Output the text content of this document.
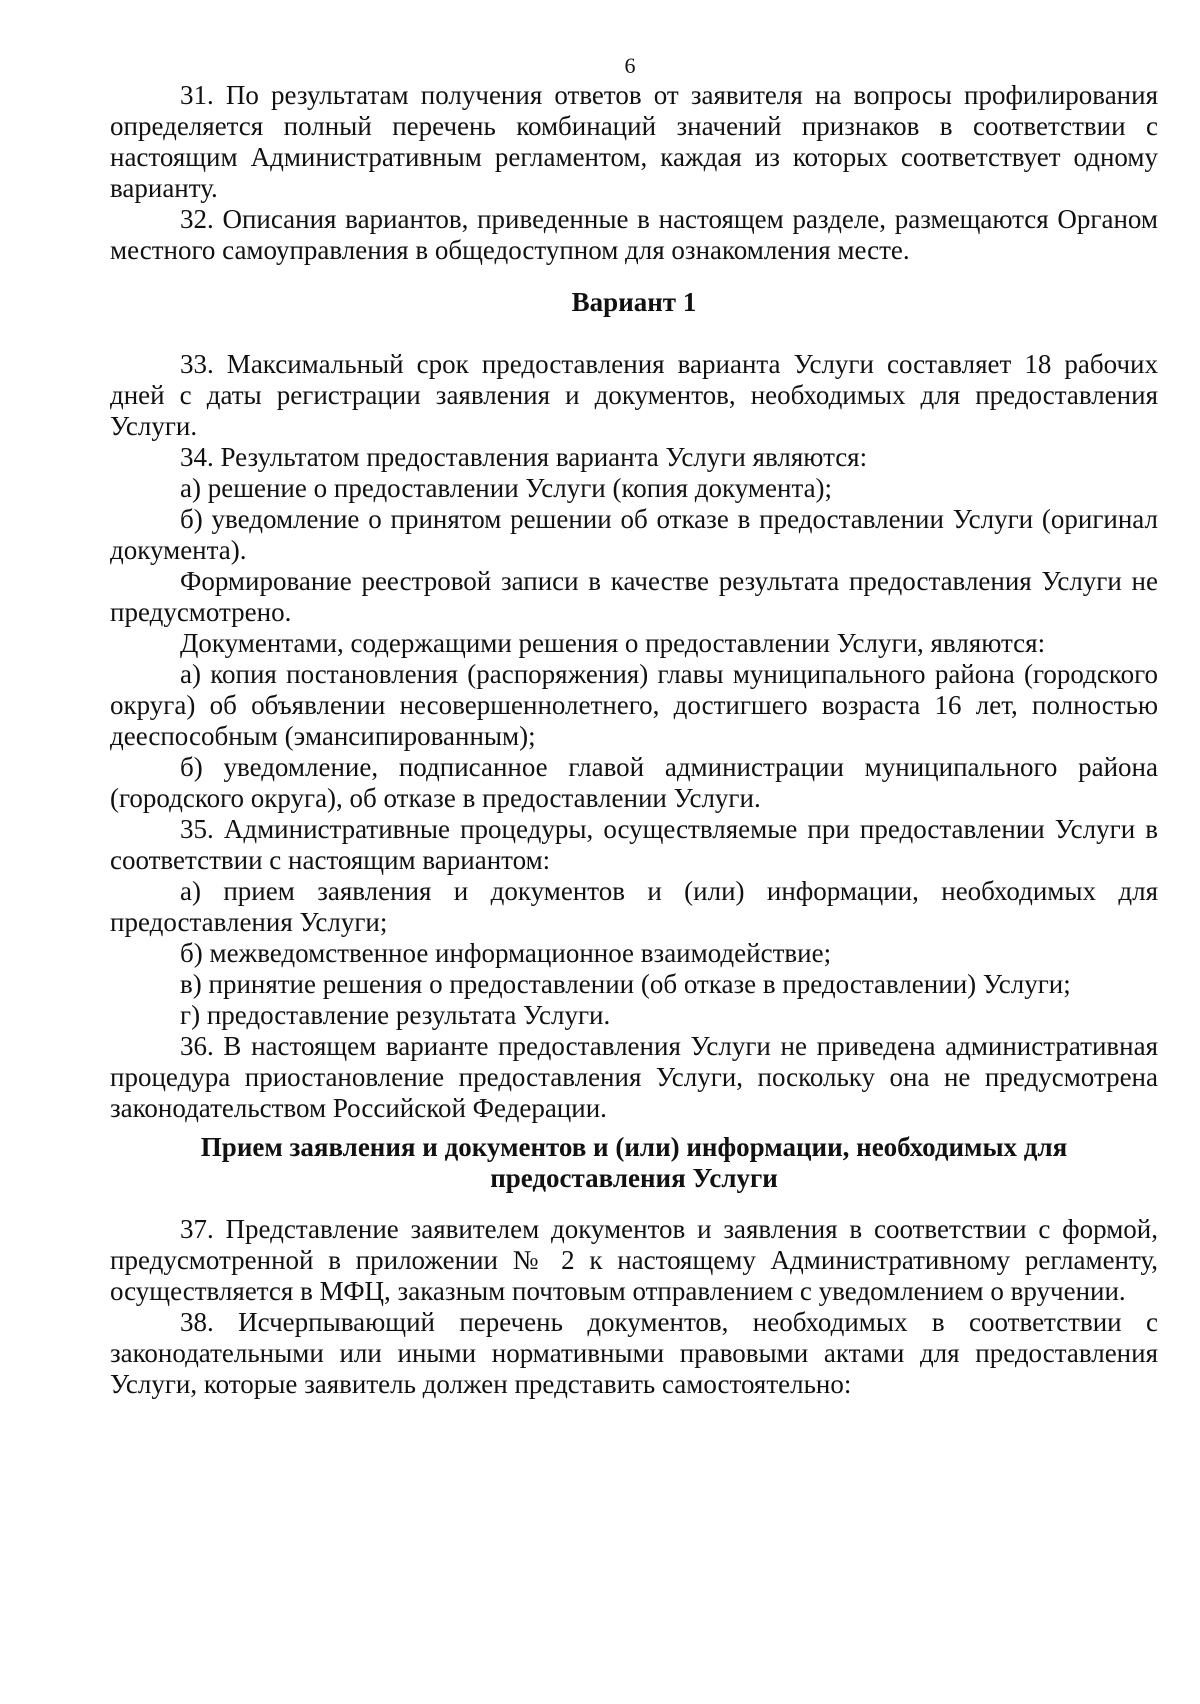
6

31. По результатам получения ответов от заявителя на вопросы профилирования определяется полный перечень комбинаций значений признаков в соответствии с настоящим Административным регламентом, каждая из которых соответствует одному варианту.

32. Описания вариантов, приведенные в настоящем разделе, размещаются Органом местного самоуправления в общедоступном для ознакомления месте.

Вариант 1

33. Максимальный срок предоставления варианта Услуги составляет 18 рабочих дней с даты регистрации заявления и документов, необходимых для предоставления Услуги.

34. Результатом предоставления варианта Услуги являются:

а) решение о предоставлении Услуги (копия документа);

б) уведомление о принятом решении об отказе в предоставлении Услуги (оригинал документа).

Формирование реестровой записи в качестве результата предоставления Услуги не предусмотрено.

Документами, содержащими решения о предоставлении Услуги, являются:

а) копия постановления (распоряжения) главы муниципального района (городского округа) об объявлении несовершеннолетнего, достигшего возраста 16 лет, полностью дееспособным (эмансипированным);

б) уведомление, подписанное главой администрации муниципального района (городского округа), об отказе в предоставлении Услуги.

35. Административные процедуры, осуществляемые при предоставлении Услуги в соответствии с настоящим вариантом:

а) прием заявления и документов и (или) информации, необходимых для предоставления Услуги;

б) межведомственное информационное взаимодействие;

в) принятие решения о предоставлении (об отказе в предоставлении) Услуги;

г) предоставление результата Услуги.

36. В настоящем варианте предоставления Услуги не приведена административная процедура приостановление предоставления Услуги, поскольку она не предусмотрена законодательством Российской Федерации.

Прием заявления и документов и (или) информации, необходимых для

предоставления Услуги

37. Представление заявителем документов и заявления в соответствии с формой, предусмотренной в приложении № 2 к настоящему Административному регламенту, осуществляется в МФЦ, заказным почтовым отправлением с уведомлением о вручении.

38. Исчерпывающий перечень документов, необходимых в соответствии с законодательными или иными нормативными правовыми актами для предоставления Услуги, которые заявитель должен представить самостоятельно:
